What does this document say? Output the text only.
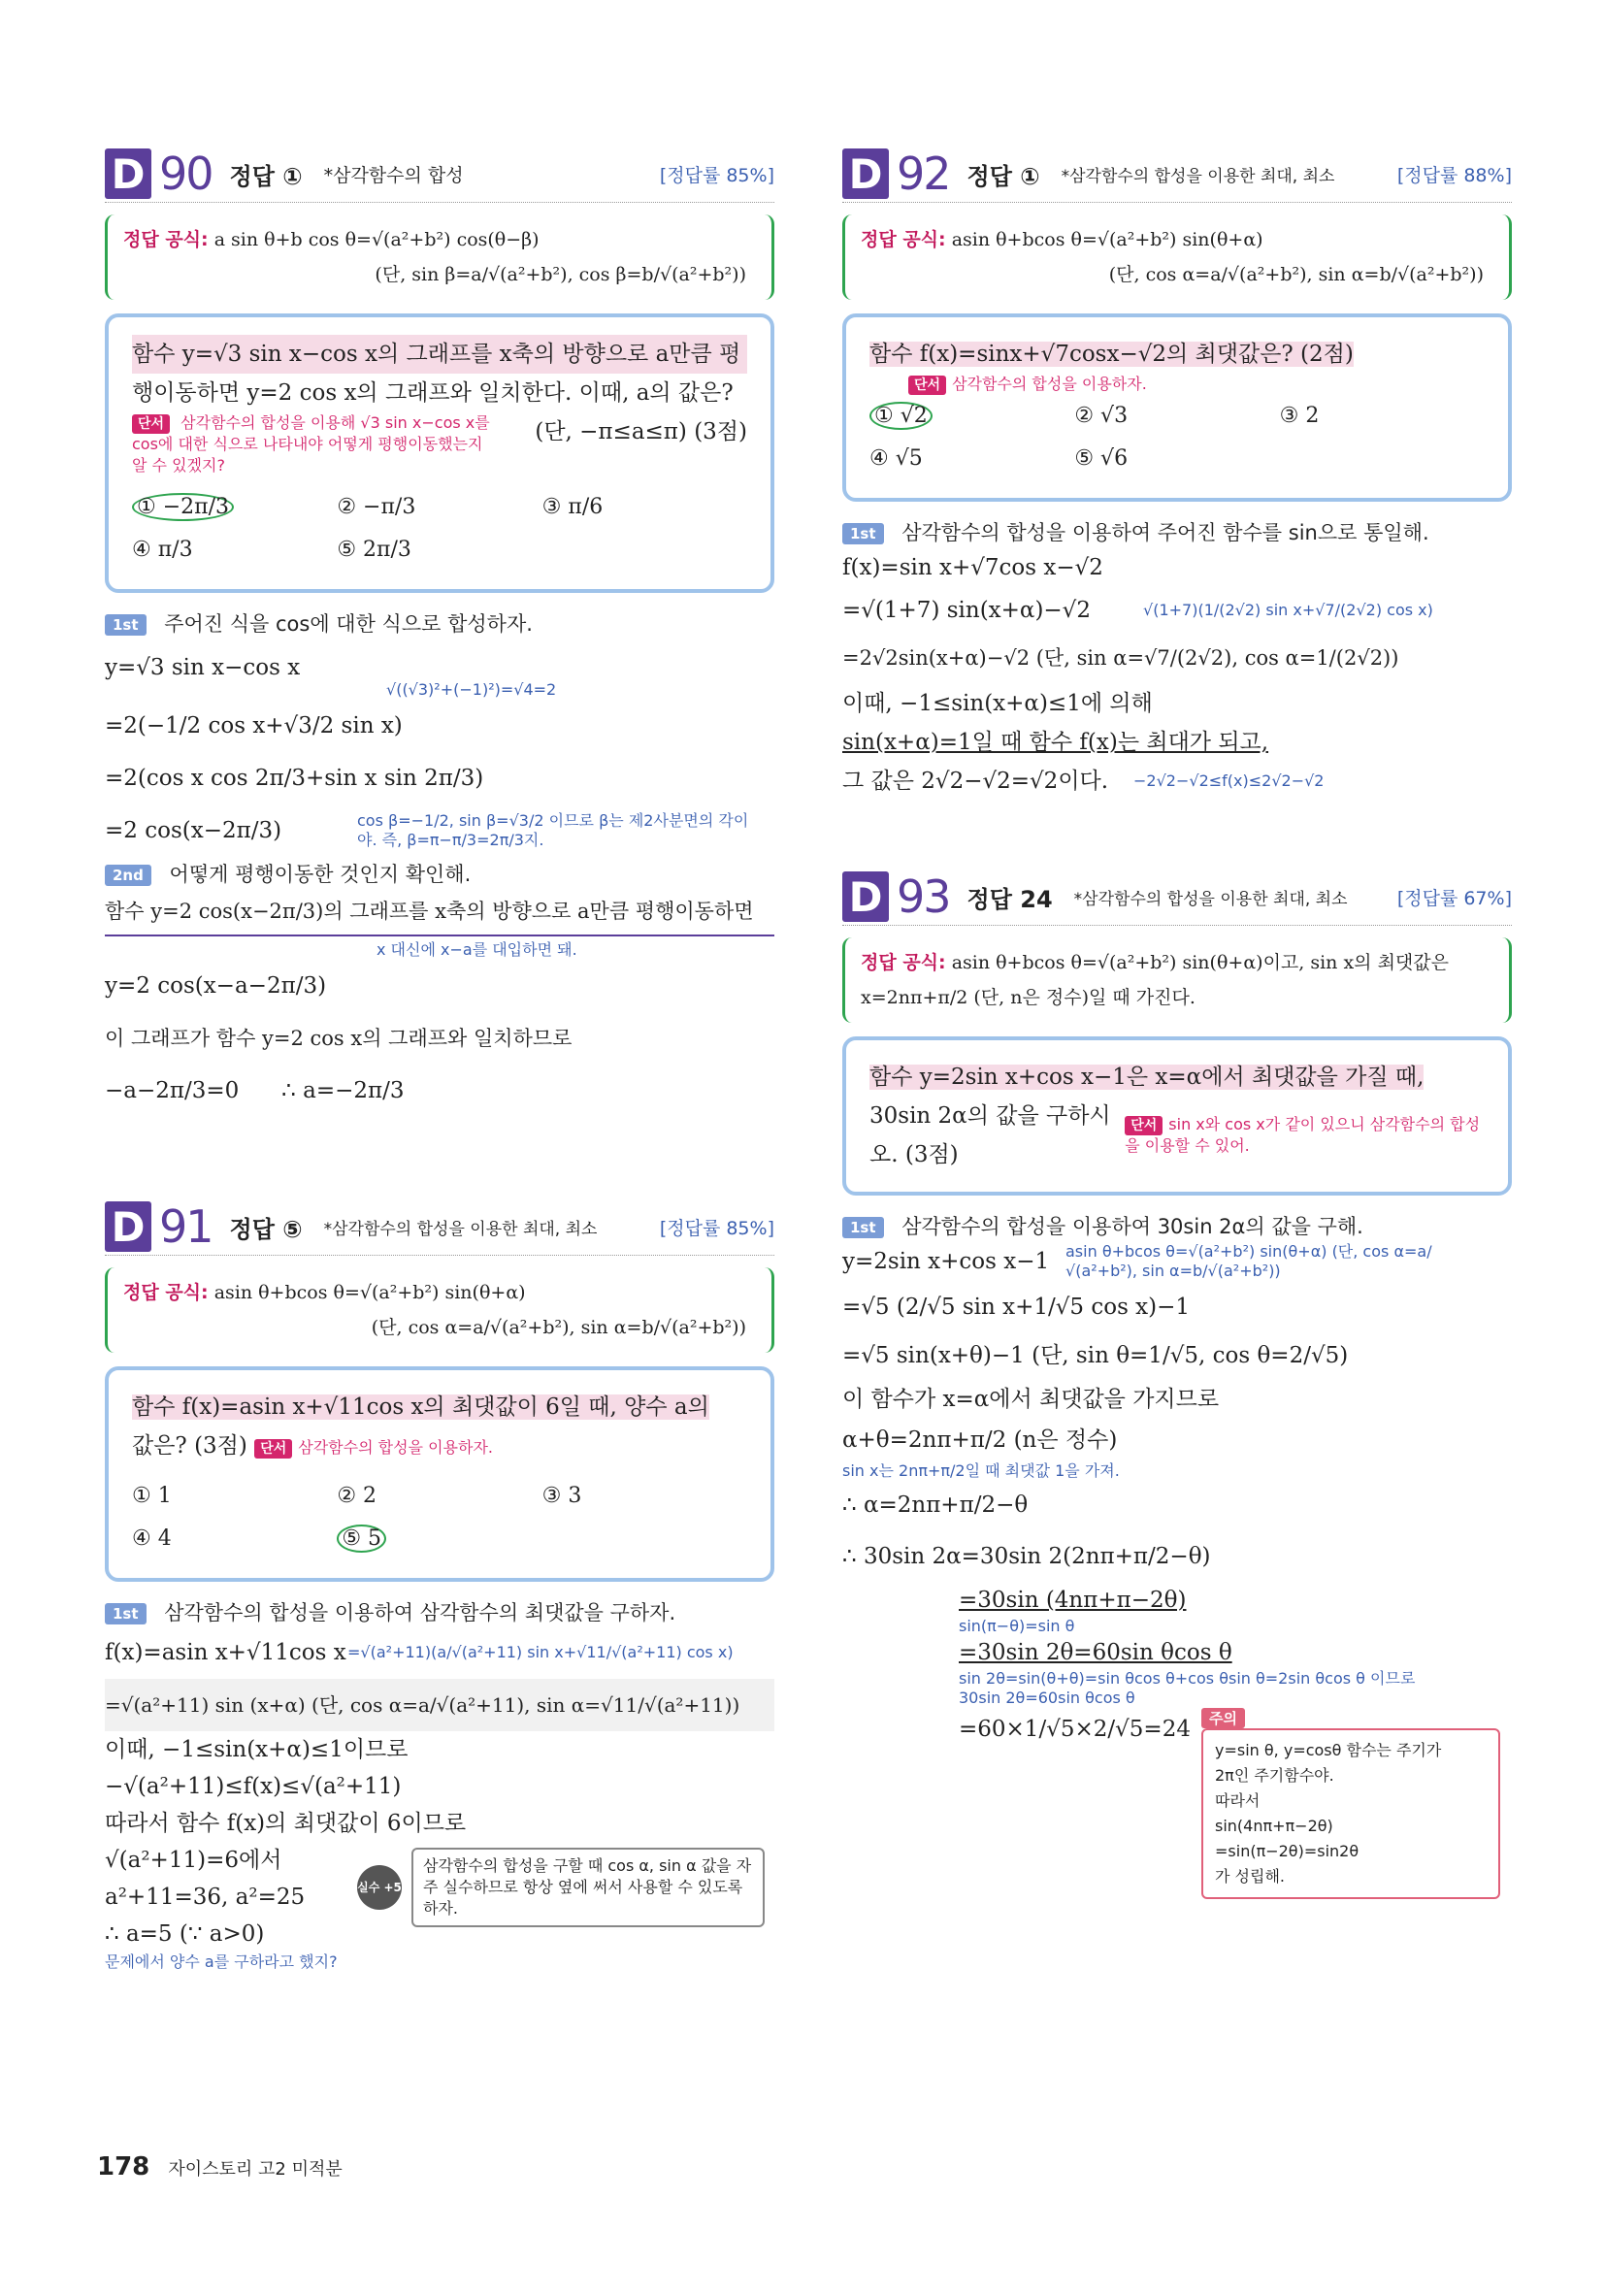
D 90 정답 ① *삼각함수의 합성	[정답률 85%]
정답 공식: a sin θ+b cos θ=√(a²+b²) cos(θ−β)
(단, sin β=a/√(a²+b²), cos β=b/√(a²+b²))
함수 y=√3 sin x−cos x의 그래프를 x축의 방향으로 a만큼 평
행이동하면 y=2 cos x의 그래프와 일치한다. 이때, a의 값은?
단서 삼각함수의 합성을 이용해 √3 sin x−cos x를 cos에 대한 식으로 나타내야 어떻게 평행이동했는지 알 수 있겠지?
(단, −π≤a≤π) (3점)
① −2π/3	② −π/3	③ π/6
④ π/3	⑤ 2π/3
1st 주어진 식을 cos에 대한 식으로 합성하자.
y=√3 sin x−cos x
√((√3)²+(−1)²)=√4=2
=2(−1/2 cos x+√3/2 sin x)
=2(cos x cos 2π/3+sin x sin 2π/3)
=2 cos(x−2π/3)	cos β=−1/2, sin β=√3/2 이므로 β는 제2사분면의 각이야. 즉, β=π−π/3=2π/3지.
2nd 어떻게 평행이동한 것인지 확인해.
함수 y=2 cos(x−2π/3)의 그래프를 x축의 방향으로 a만큼 평행이동하면
x 대신에 x−a를 대입하면 돼.
y=2 cos(x−a−2π/3)
이 그래프가 함수 y=2 cos x의 그래프와 일치하므로
−a−2π/3=0      ∴ a=−2π/3
D 91 정답 ⑤ *삼각함수의 합성을 이용한 최대, 최소	[정답률 85%]
정답 공식: asin θ+bcos θ=√(a²+b²) sin(θ+α)
(단, cos α=a/√(a²+b²), sin α=b/√(a²+b²))
함수 f(x)=asin x+√11cos x의 최댓값이 6일 때, 양수 a의
값은? (3점) 단서 삼각함수의 합성을 이용하자.
① 1	② 2	③ 3
④ 4	⑤ 5
1st 삼각함수의 합성을 이용하여 삼각함수의 최댓값을 구하자.
f(x)=asin x+√11cos x =√(a²+11)(a/√(a²+11) sin x+√11/√(a²+11) cos x)
=√(a²+11) sin (x+α) (단, cos α=a/√(a²+11), sin α=√11/√(a²+11))
이때, −1≤sin(x+α)≤1이므로
−√(a²+11)≤f(x)≤√(a²+11)
따라서 함수 f(x)의 최댓값이 6이므로
√(a²+11)=6에서
a²+11=36, a²=25
∴ a=5 (∵ a>0)
문제에서 양수 a를 구하라고 했지?
실수 +5
삼각함수의 합성을 구할 때 cos α, sin α 값을 자주 실수하므로 항상 옆에 써서 사용할 수 있도록 하자.
D 92 정답 ① *삼각함수의 합성을 이용한 최대, 최소	[정답률 88%]
정답 공식: asin θ+bcos θ=√(a²+b²) sin(θ+α)
(단, cos α=a/√(a²+b²), sin α=b/√(a²+b²))
함수 f(x)=sinx+√7cosx−√2의 최댓값은? (2점)
단서 삼각함수의 합성을 이용하자.
① √2	② √3	③ 2
④ √5	⑤ √6
1st 삼각함수의 합성을 이용하여 주어진 함수를 sin으로 통일해.
f(x)=sin x+√7cos x−√2
=√(1+7) sin(x+α)−√2	√(1+7)(1/(2√2) sin x+√7/(2√2) cos x)
=2√2sin(x+α)−√2 (단, sin α=√7/(2√2), cos α=1/(2√2))
이때, −1≤sin(x+α)≤1에 의해
sin(x+α)=1일 때 함수 f(x)는 최대가 되고,
그 값은 2√2−√2=√2이다.	−2√2−√2≤f(x)≤2√2−√2
D 93 정답 24 *삼각함수의 합성을 이용한 최대, 최소	[정답률 67%]
정답 공식: asin θ+bcos θ=√(a²+b²) sin(θ+α)이고, sin x의 최댓값은
x=2nπ+π/2 (단, n은 정수)일 때 가진다.
함수 y=2sin x+cos x−1은 x=α에서 최댓값을 가질 때,
30sin 2α의 값을 구하시오. (3점)
단서 sin x와 cos x가 같이 있으니 삼각함수의 합성을 이용할 수 있어.
1st 삼각함수의 합성을 이용하여 30sin 2α의 값을 구해.
y=2sin x+cos x−1	asin θ+bcos θ=√(a²+b²) sin(θ+α) (단, cos α=a/√(a²+b²), sin α=b/√(a²+b²))
=√5 (2/√5 sin x+1/√5 cos x)−1
=√5 sin(x+θ)−1 (단, sin θ=1/√5, cos θ=2/√5)
이 함수가 x=α에서 최댓값을 가지므로
α+θ=2nπ+π/2 (n은 정수)
sin x는 2nπ+π/2일 때 최댓값 1을 가져.
∴ α=2nπ+π/2−θ
∴ 30sin 2α=30sin 2(2nπ+π/2−θ)
=30sin (4nπ+π−2θ)
sin(π−θ)=sin θ
=30sin 2θ=60sin θcos θ
sin 2θ=sin(θ+θ)=sin θcos θ+cos θsin θ=2sin θcos θ 이므로 30sin 2θ=60sin θcos θ
=60×1/√5×2/√5=24	주의
y=sin θ, y=cosθ 함수는 주기가
2π인 주기함수야.
따라서
sin(4nπ+π−2θ)
=sin(π−2θ)=sin2θ
가 성립해.
178 자이스토리 고2 미적분
